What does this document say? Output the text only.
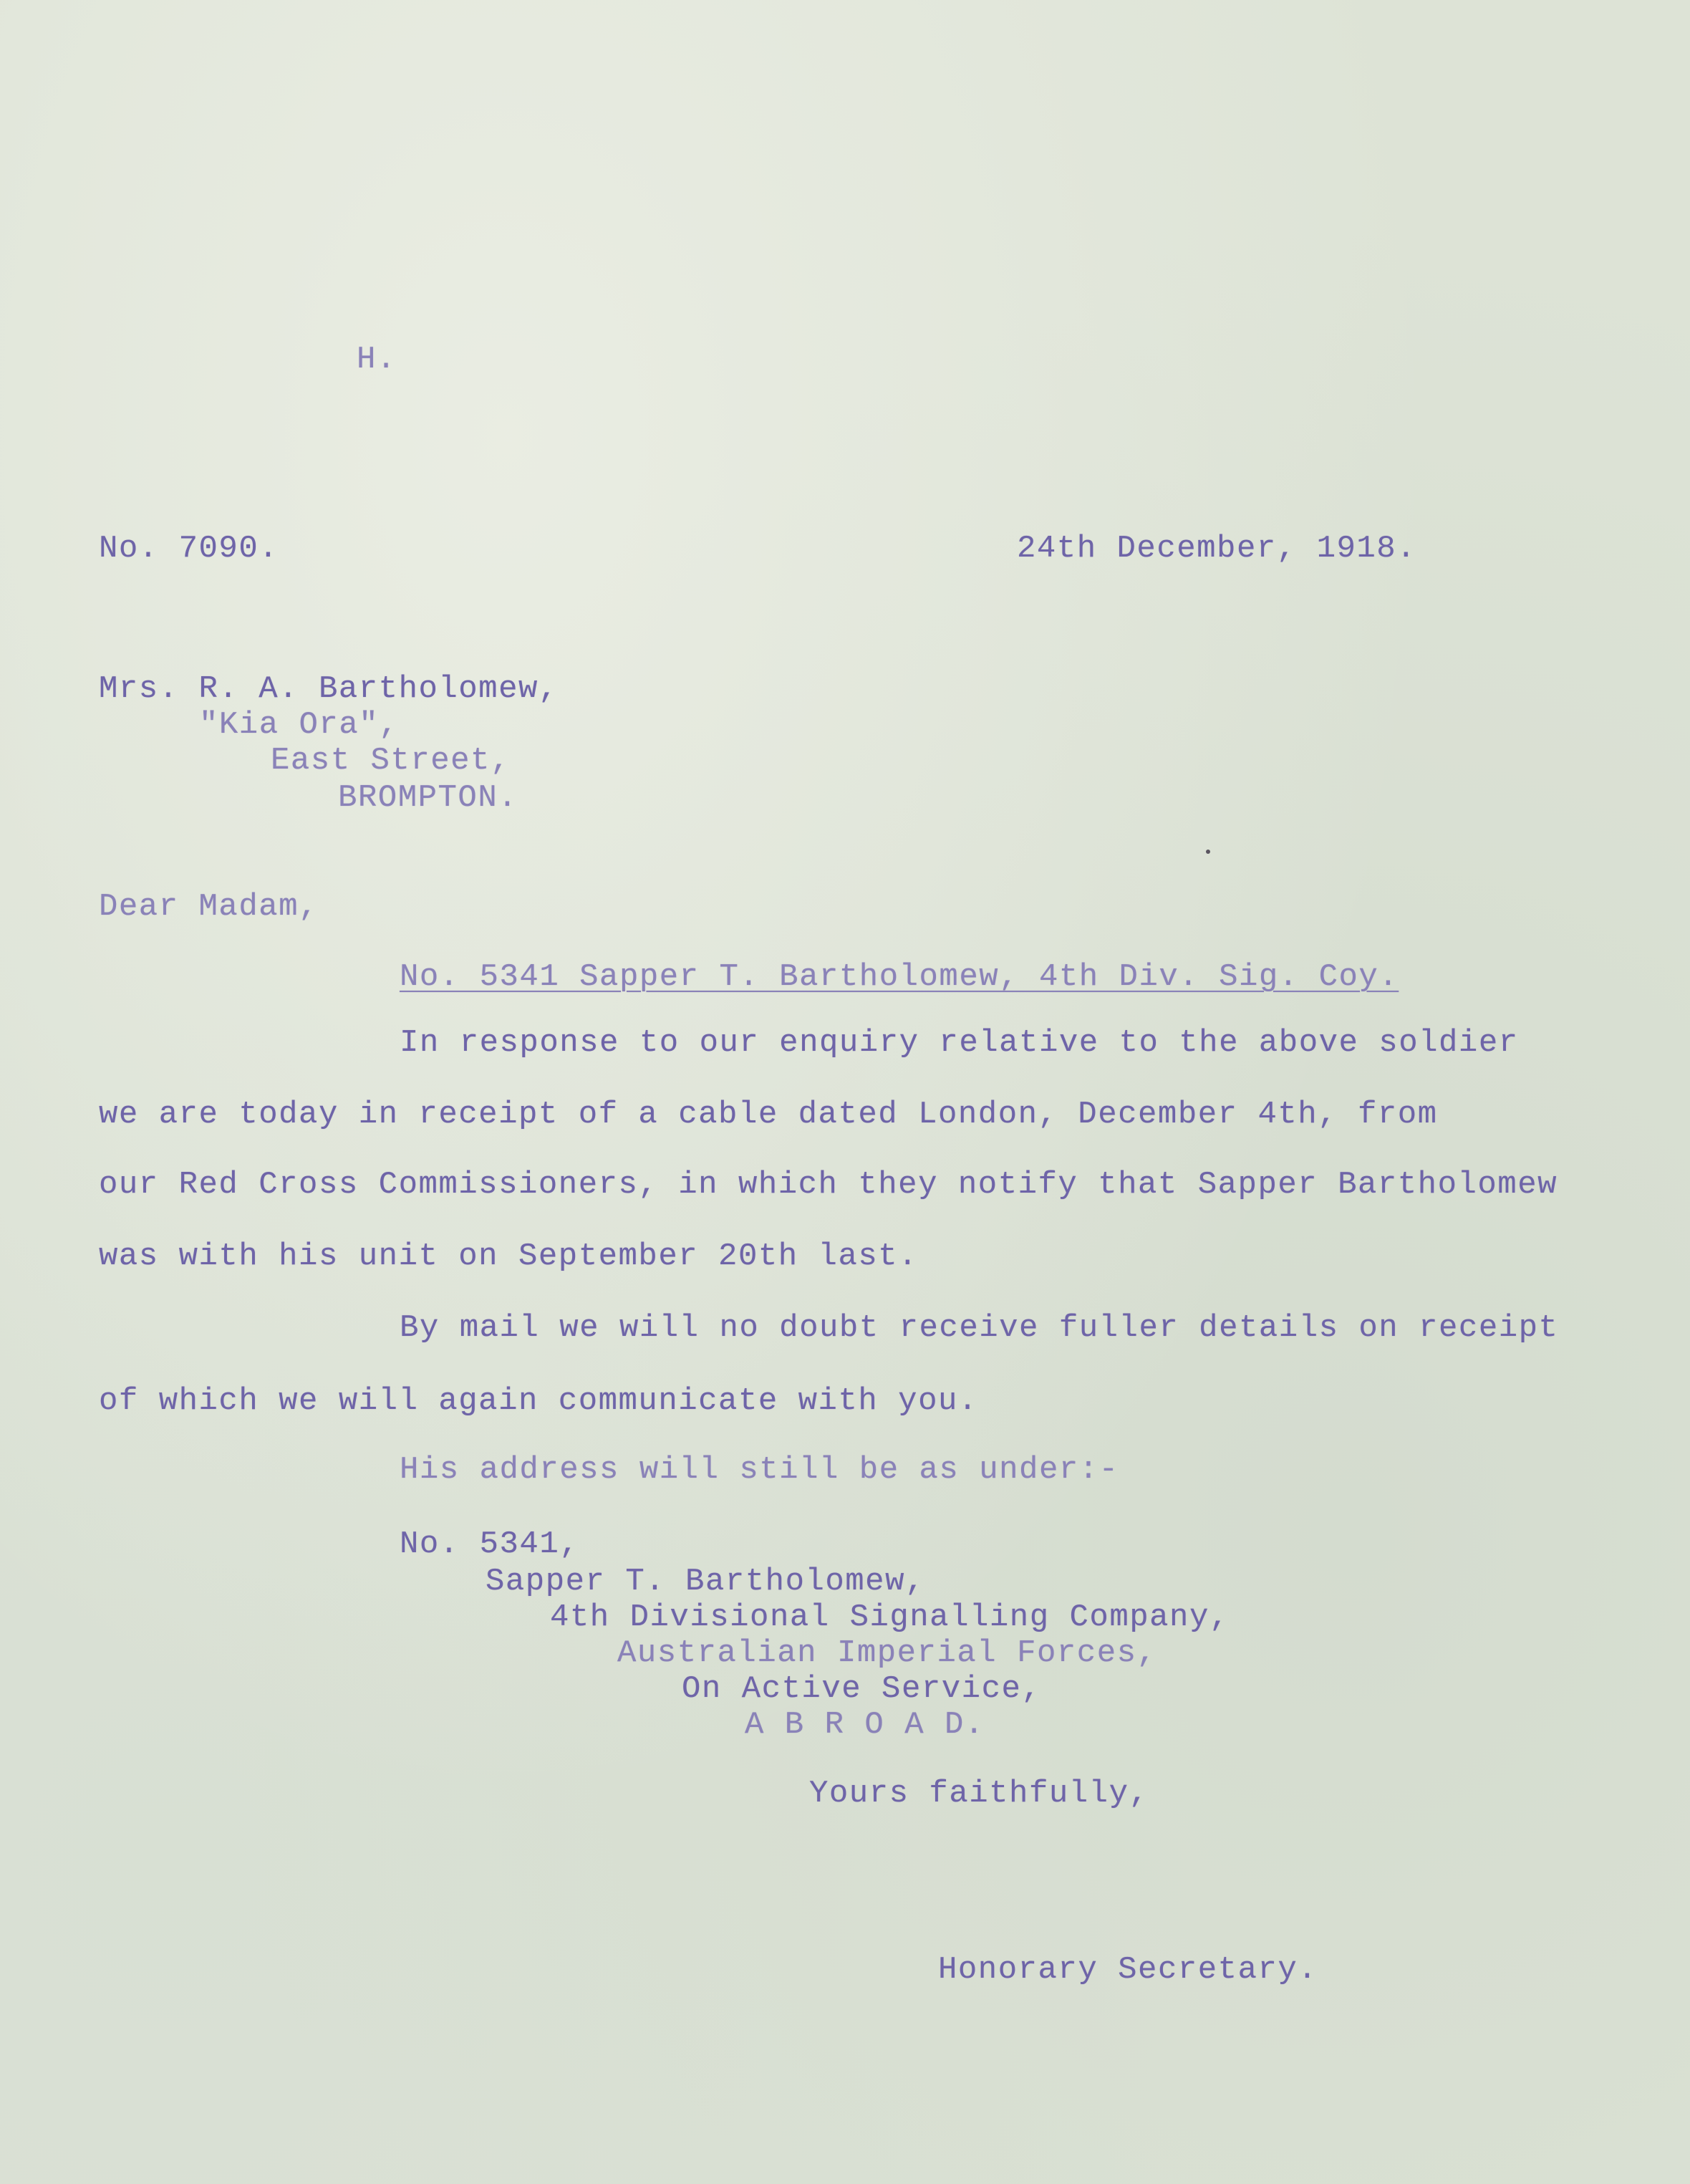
H.
No. 7090.	24th December, 1918.
Mrs. R. A. Bartholomew,
"Kia Ora",
East Street,
BROMPTON.
Dear Madam,
No. 5341 Sapper T. Bartholomew, 4th Div. Sig. Coy.
In response to our enquiry relative to the above soldier
we are today in receipt of a cable dated London, December 4th, from
our Red Cross Commissioners, in which they notify that Sapper Bartholomew
was with his unit on September 20th last.
By mail we will no doubt receive fuller details on receipt
of which we will again communicate with you.
His address will still be as under:-
No. 5341,
Sapper T. Bartholomew,
4th Divisional Signalling Company,
Australian Imperial Forces,
On Active Service,
A B R O A D.
Yours faithfully,
Honorary Secretary.
